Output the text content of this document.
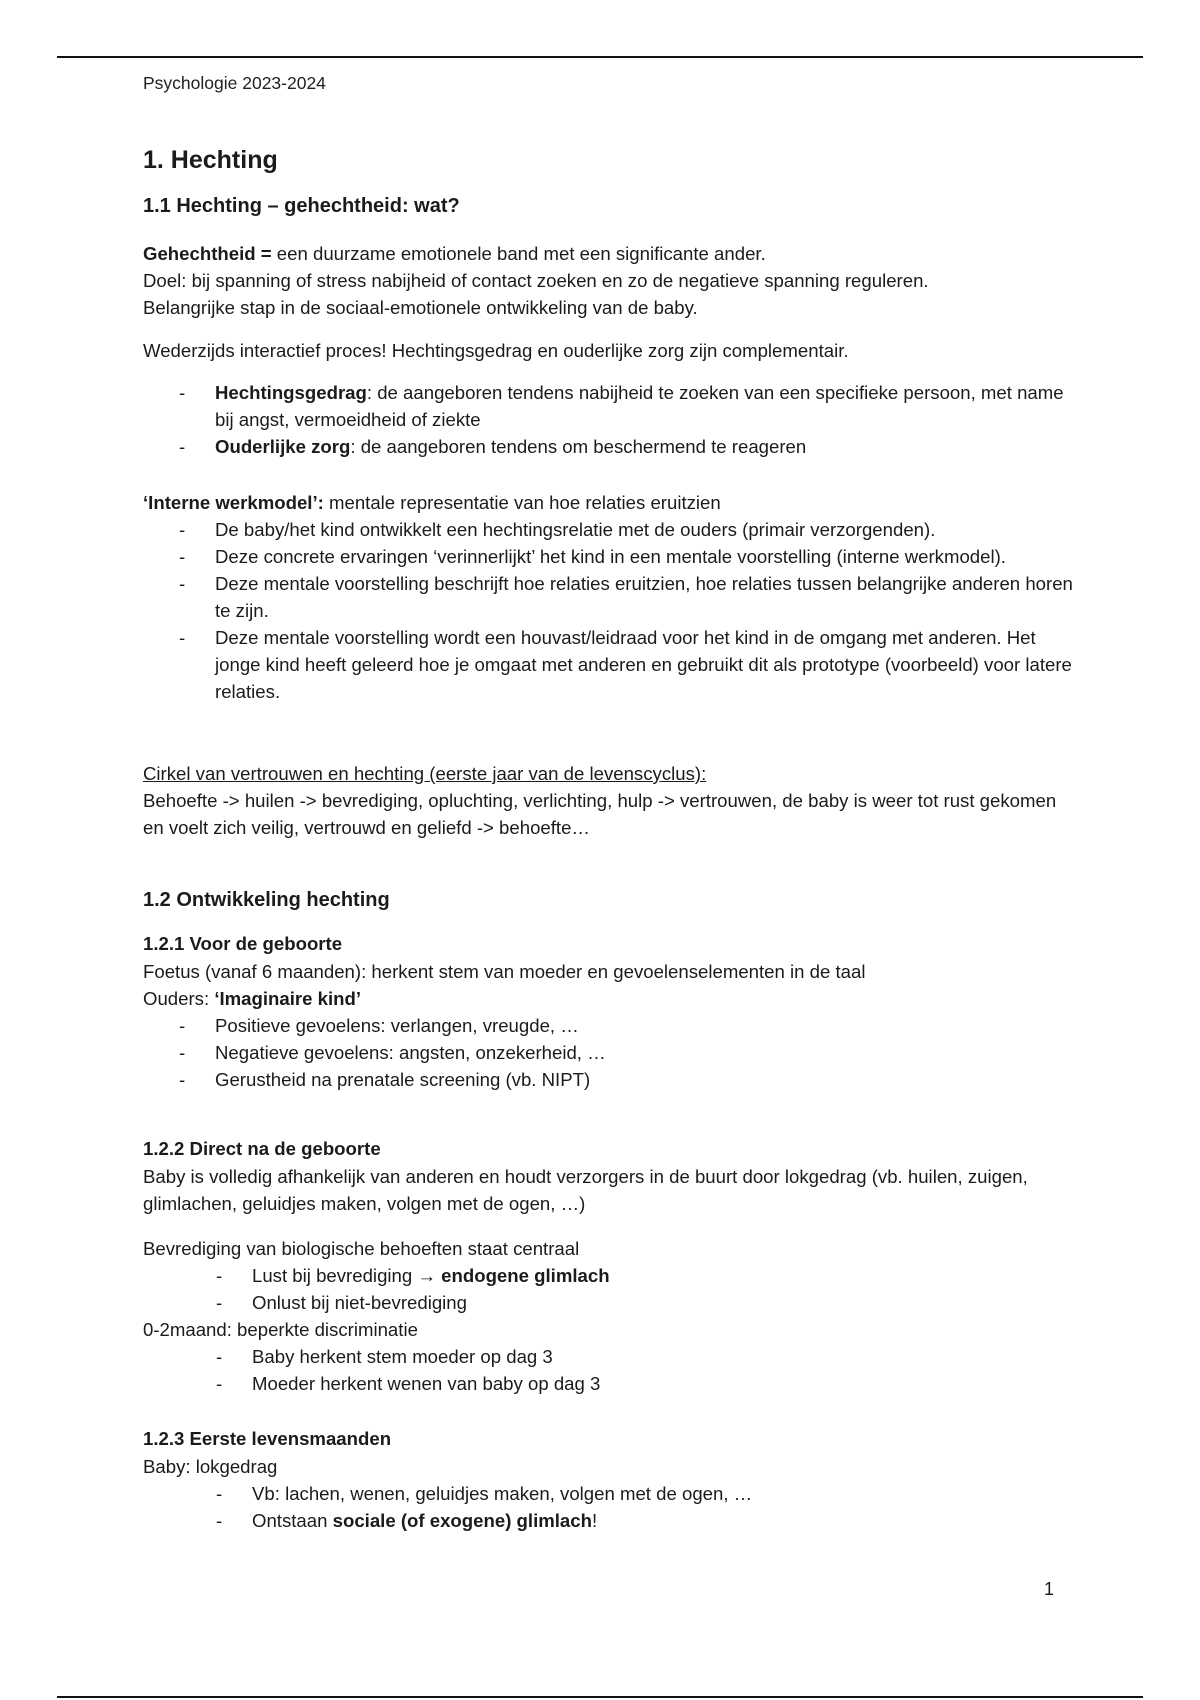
Psychologie 2023-2024
1. Hechting
1.1 Hechting – gehechtheid: wat?
Gehechtheid = een duurzame emotionele band met een significante ander.
Doel: bij spanning of stress nabijheid of contact zoeken en zo de negatieve spanning reguleren.
Belangrijke stap in de sociaal-emotionele ontwikkeling van de baby.
Wederzijds interactief proces! Hechtingsgedrag en ouderlijke zorg zijn complementair.
- Hechtingsgedrag: de aangeboren tendens nabijheid te zoeken van een specifieke persoon, met name bij angst, vermoeidheid of ziekte
- Ouderlijke zorg: de aangeboren tendens om beschermend te reageren
‘Interne werkmodel’: mentale representatie van hoe relaties eruitzien
- De baby/het kind ontwikkelt een hechtingsrelatie met de ouders (primair verzorgenden).
- Deze concrete ervaringen ‘verinnerlijkt’ het kind in een mentale voorstelling (interne werkmodel).
- Deze mentale voorstelling beschrijft hoe relaties eruitzien, hoe relaties tussen belangrijke anderen horen te zijn.
- Deze mentale voorstelling wordt een houvast/leidraad voor het kind in de omgang met anderen. Het jonge kind heeft geleerd hoe je omgaat met anderen en gebruikt dit als prototype (voorbeeld) voor latere relaties.
Cirkel van vertrouwen en hechting (eerste jaar van de levenscyclus):
Behoefte -> huilen -> bevrediging, opluchting, verlichting, hulp -> vertrouwen, de baby is weer tot rust gekomen en voelt zich veilig, vertrouwd en geliefd -> behoefte…
1.2 Ontwikkeling hechting
1.2.1 Voor de geboorte
Foetus (vanaf 6 maanden): herkent stem van moeder en gevoelenselementen in de taal
Ouders: ‘Imaginaire kind’
- Positieve gevoelens: verlangen, vreugde, …
- Negatieve gevoelens: angsten, onzekerheid, …
- Gerustheid na prenatale screening (vb. NIPT)
1.2.2 Direct na de geboorte
Baby is volledig afhankelijk van anderen en houdt verzorgers in de buurt door lokgedrag (vb. huilen, zuigen, glimlachen, geluidjes maken, volgen met de ogen, …)
Bevrediging van biologische behoeften staat centraal
- Lust bij bevrediging → endogene glimlach
- Onlust bij niet-bevrediging
0-2maand: beperkte discriminatie
- Baby herkent stem moeder op dag 3
- Moeder herkent wenen van baby op dag 3
1.2.3 Eerste levensmaanden
Baby: lokgedrag
- Vb: lachen, wenen, geluidjes maken, volgen met de ogen, …
- Ontstaan sociale (of exogene) glimlach!
1
